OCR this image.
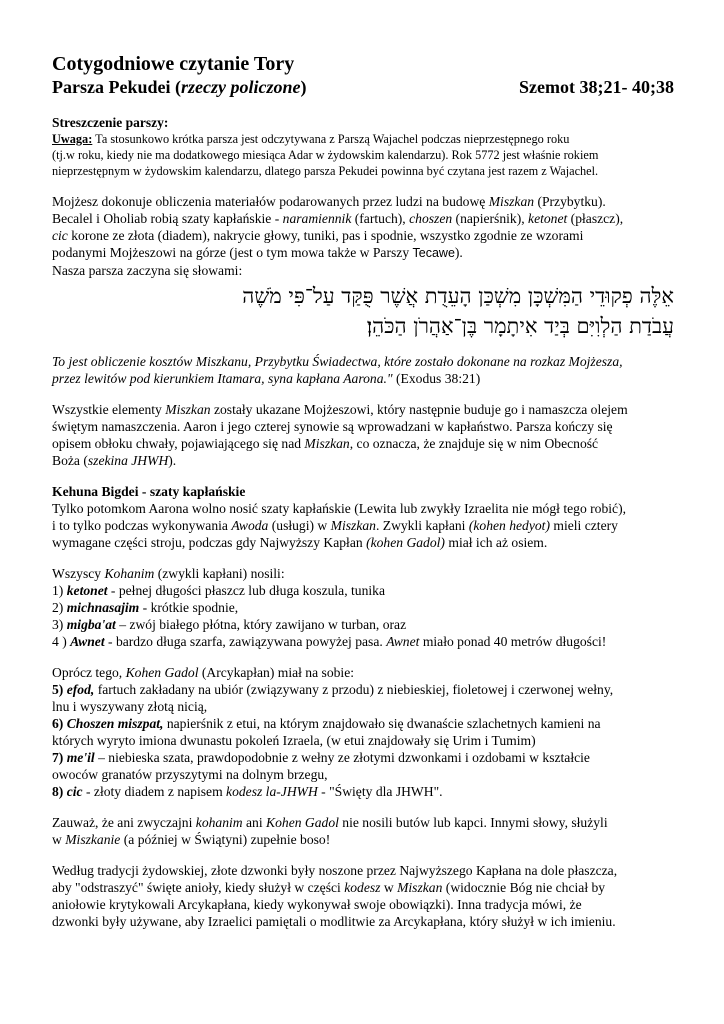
Cotygodniowe czytanie Tory
Parsza Pekudei (rzeczy policzone)	Szemot 38;21- 40;38
Streszczenie parszy:
Uwaga: Ta stosunkowo krótka parsza jest odczytywana z Parszą Wajachel podczas nieprzestępnego roku
(tj.w roku, kiedy nie ma dodatkowego miesiąca Adar w żydowskim kalendarzu). Rok 5772 jest właśnie rokiem
nieprzestępnym w żydowskim kalendarzu, dlatego parsza Pekudei powinna być czytana jest razem z Wajachel.
Mojżesz dokonuje obliczenia materiałów podarowanych przez ludzi na budowę Miszkan (Przybytku).
Becalel i Oholiab robią szaty kapłańskie - naramiennik (fartuch), choszen (napierśnik), ketonet (płaszcz),
cic korone ze złota (diadem), nakrycie głowy, tuniki, pas i spodnie, wszystko zgodnie ze wzorami
podanymi Mojżeszowi na górze (jest o tym mowa także w Parszy Tecawe).
Nasza parsza zaczyna się słowami:
אֵלֶּה פְקוּדֵי הַמִּשְׁכָּן מִשְׁכַּן הָעֵדֻת אֲשֶׁר פֻּקַּד עַל־פִּי מֹשֶׁה
עֲבֹדַת הַלְוִיִּם בְּיַד אִיתָמָר בֶּן־אַהֲרֹן הַכֹּהֵן׃
To jest obliczenie kosztów Miszkanu, Przybytku Świadectwa, które zostało dokonane na rozkaz Mojżesza,
przez lewitów pod kierunkiem Itamara, syna kapłana Aarona." (Exodus 38:21)
Wszystkie elementy Miszkan zostały ukazane Mojżeszowi, który następnie buduje go i namaszcza olejem
świętym namaszczenia. Aaron i jego czterej synowie są wprowadzani w kapłaństwo. Parsza kończy się
opisem obłoku chwały, pojawiającego się nad Miszkan, co oznacza, że znajduje się w nim Obecność
Boża (szekina JHWH).
Kehuna Bigdei - szaty kapłańskie
Tylko potomkom Aarona wolno nosić szaty kapłańskie (Lewita lub zwykły Izraelita nie mógł tego robić),
i to tylko podczas wykonywania Awoda (usługi) w Miszkan. Zwykli kapłani (kohen hedyot) mieli cztery
wymagane części stroju, podczas gdy Najwyższy Kapłan (kohen Gadol) miał ich aż osiem.
Wszyscy Kohanim (zwykli kapłani) nosili:
1) ketonet - pełnej długości płaszcz lub długa koszula, tunika
2) michnasajim - krótkie spodnie,
3) migba'at – zwój białego płótna, który zawijano w turban, oraz
4 ) Awnet - bardzo długa szarfa, zawiązywana powyżej pasa. Awnet miało ponad 40 metrów długości!
Oprócz tego, Kohen Gadol (Arcykapłan) miał na sobie:
5) efod, fartuch zakładany na ubiór (związywany z przodu) z niebieskiej, fioletowej i czerwonej wełny,
lnu i wyszywany złotą nicią,
6) Choszen miszpat, napierśnik z etui, na którym znajdowało się dwanaście szlachetnych kamieni na
których wyryto imiona dwunastu pokoleń Izraela, (w etui znajdowały się Urim i Tumim)
7) me'il – niebieska szata, prawdopodobnie z wełny ze złotymi dzwonkami i ozdobami w kształcie
owoców granatów przyszytymi na dolnym brzegu,
8) cic - złoty diadem z napisem kodesz la-JHWH - "Święty dla JHWH".
Zauważ, że ani zwyczajni kohanim ani Kohen Gadol nie nosili butów lub kapci. Innymi słowy, służyli
w Miszkanie (a później w Świątyni) zupełnie boso!
Według tradycji żydowskiej, złote dzwonki były noszone przez Najwyższego Kapłana na dole płaszcza,
aby "odstraszyć" święte anioły, kiedy służył w części kodesz w Miszkan (widocznie Bóg nie chciał by
aniołowie krytykowali Arcykapłana, kiedy wykonywał swoje obowiązki). Inna tradycja mówi, że
dzwonki były używane, aby Izraelici pamiętali o modlitwie za Arcykapłana, który służył w ich imieniu.
